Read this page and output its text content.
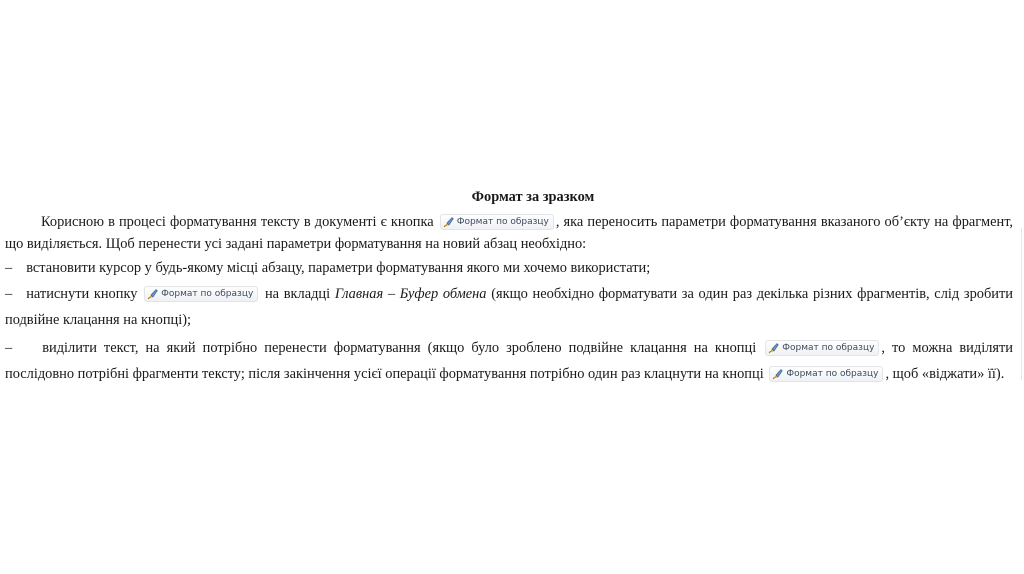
Формат за зразком

Корисною в процесі форматування тексту в документі є кнопка	Формат по образцу , яка переносить параметри форматування вказаного об’єкту на фрагмент, що виділяється. Щоб перенести усі задані параметри форматування на новий абзац необхідно:

– встановити курсор у будь-якому місці абзацу, параметри форматування якого ми хочемо використати;

– натиснути кнопку	Формат по образцу на вкладці Главная – Буфер обмена (якщо необхідно форматувати за один раз декілька різних фрагментів, слід зробити подвійне клацання на кнопці);

– виділити текст, на який потрібно перенести форматування (якщо було зроблено подвійне клацання на кнопці	Формат по образцу , то можна виділяти послідовно потрібні фрагменти тексту; після закінчення усієї операції форматування потрібно один раз клацнути на кнопці	Формат по образцу , щоб «віджати» її).
